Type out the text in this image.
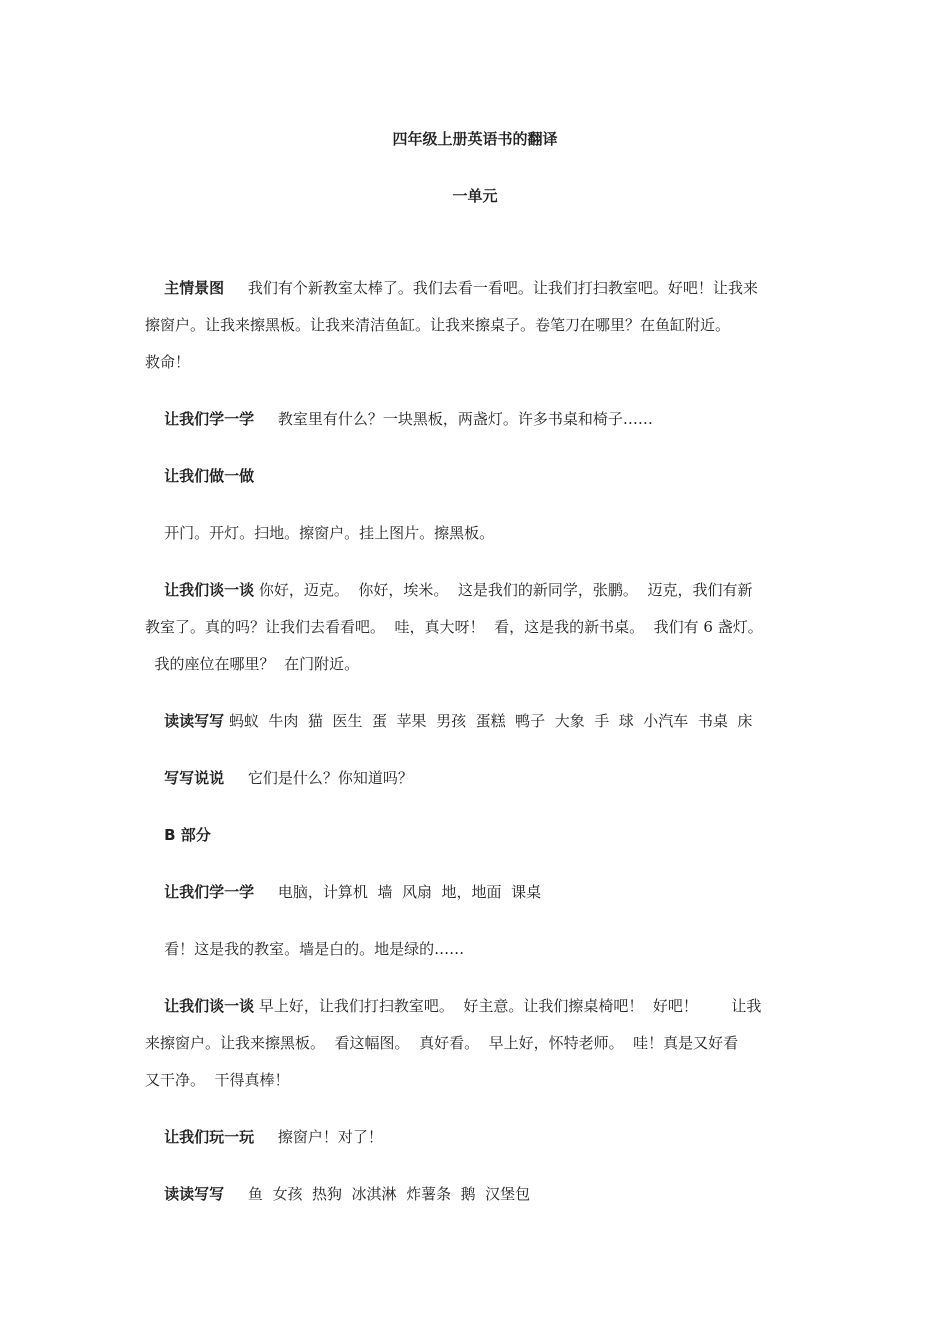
四年级上册英语书的翻译
一单元

主情景图     我们有个新教室太棒了。我们去看一看吧。让我们打扫教室吧。好吧！让我来
擦窗户。让我来擦黑板。让我来清洁鱼缸。让我来擦桌子。卷笔刀在哪里？在鱼缸附近。
救命！

让我们学一学     教室里有什么？一块黑板，两盏灯。许多书桌和椅子……

让我们做一做

开门。开灯。扫地。擦窗户。挂上图片。擦黑板。

让我们谈一谈 你好，迈克。  你好，埃米。  这是我们的新同学，张鹏。  迈克，我们有新
教室了。真的吗？让我们去看看吧。  哇，真大呀！  看，这是我的新书桌。  我们有 6 盏灯。
我的座位在哪里？  在门附近。

读读写写 蚂蚁  牛肉  猫  医生  蛋  苹果  男孩  蛋糕  鸭子  大象  手  球  小汽车  书桌  床

写写说说     它们是什么？你知道吗？

B 部分

让我们学一学     电脑，计算机  墙  风扇  地，地面  课桌

看！这是我的教室。墙是白的。地是绿的……

让我们谈一谈 早上好，让我们打扫教室吧。  好主意。让我们擦桌椅吧！  好吧！       让我
来擦窗户。让我来擦黑板。  看这幅图。  真好看。  早上好，怀特老师。  哇！真是又好看
又干净。  干得真棒！

让我们玩一玩     擦窗户！对了！

读读写写     鱼  女孩  热狗  冰淇淋  炸薯条  鹅  汉堡包
